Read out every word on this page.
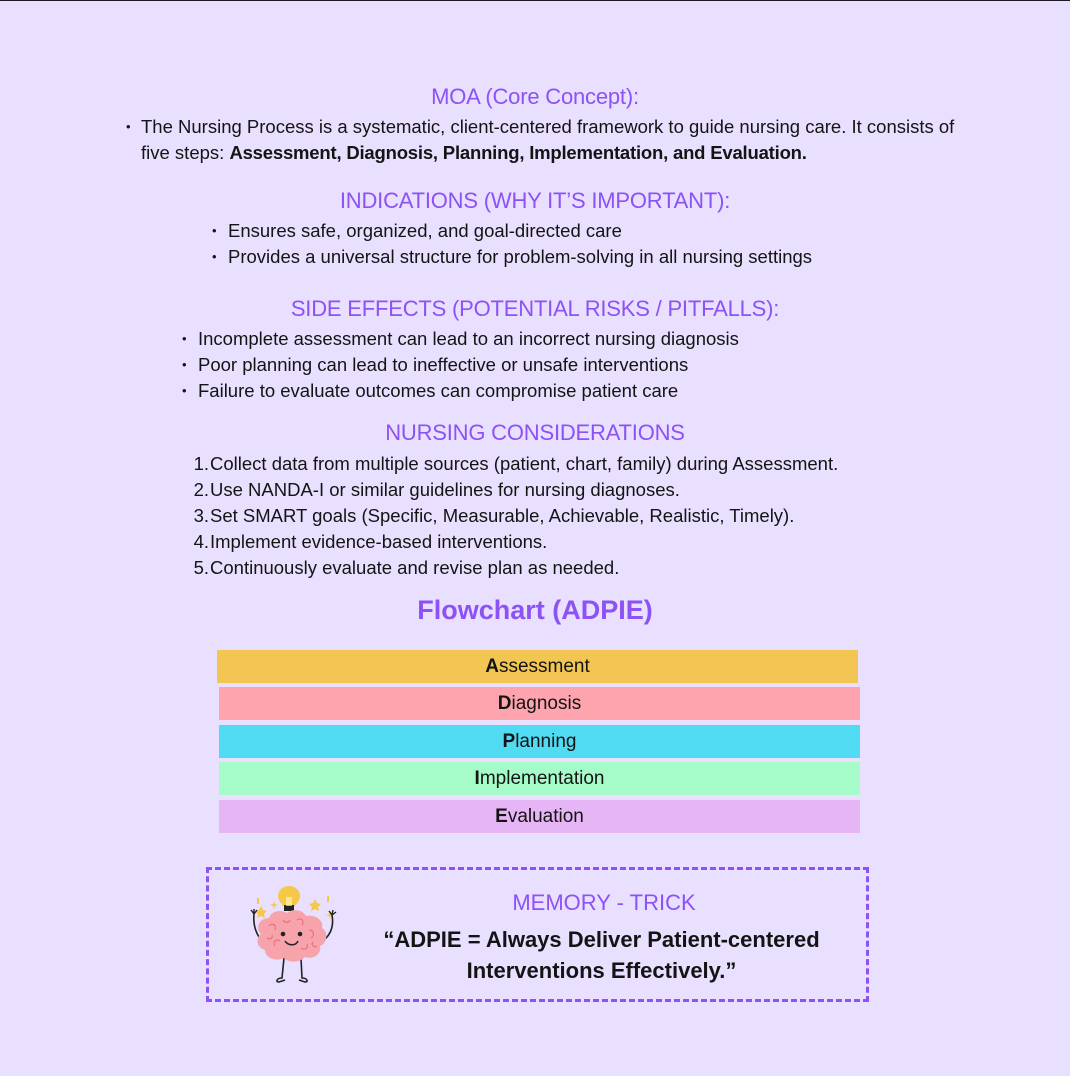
MOA (Core Concept):
• The Nursing Process is a systematic, client-centered framework to guide nursing care. It consists of five steps: Assessment, Diagnosis, Planning, Implementation, and Evaluation.
INDICATIONS (WHY IT’S IMPORTANT):
• Ensures safe, organized, and goal-directed care
• Provides a universal structure for problem-solving in all nursing settings
SIDE EFFECTS (POTENTIAL RISKS / PITFALLS):
• Incomplete assessment can lead to an incorrect nursing diagnosis
• Poor planning can lead to ineffective or unsafe interventions
• Failure to evaluate outcomes can compromise patient care
NURSING CONSIDERATIONS
1.Collect data from multiple sources (patient, chart, family) during Assessment.
2.Use NANDA-I or similar guidelines for nursing diagnoses.
3.Set SMART goals (Specific, Measurable, Achievable, Realistic, Timely).
4.Implement evidence-based interventions.
5.Continuously evaluate and revise plan as needed.
Flowchart (ADPIE)
Assessment
Diagnosis
Planning
Implementation
Evaluation

MEMORY - TRICK

“ADPIE = Always Deliver Patient-centered
Interventions Effectively.”
